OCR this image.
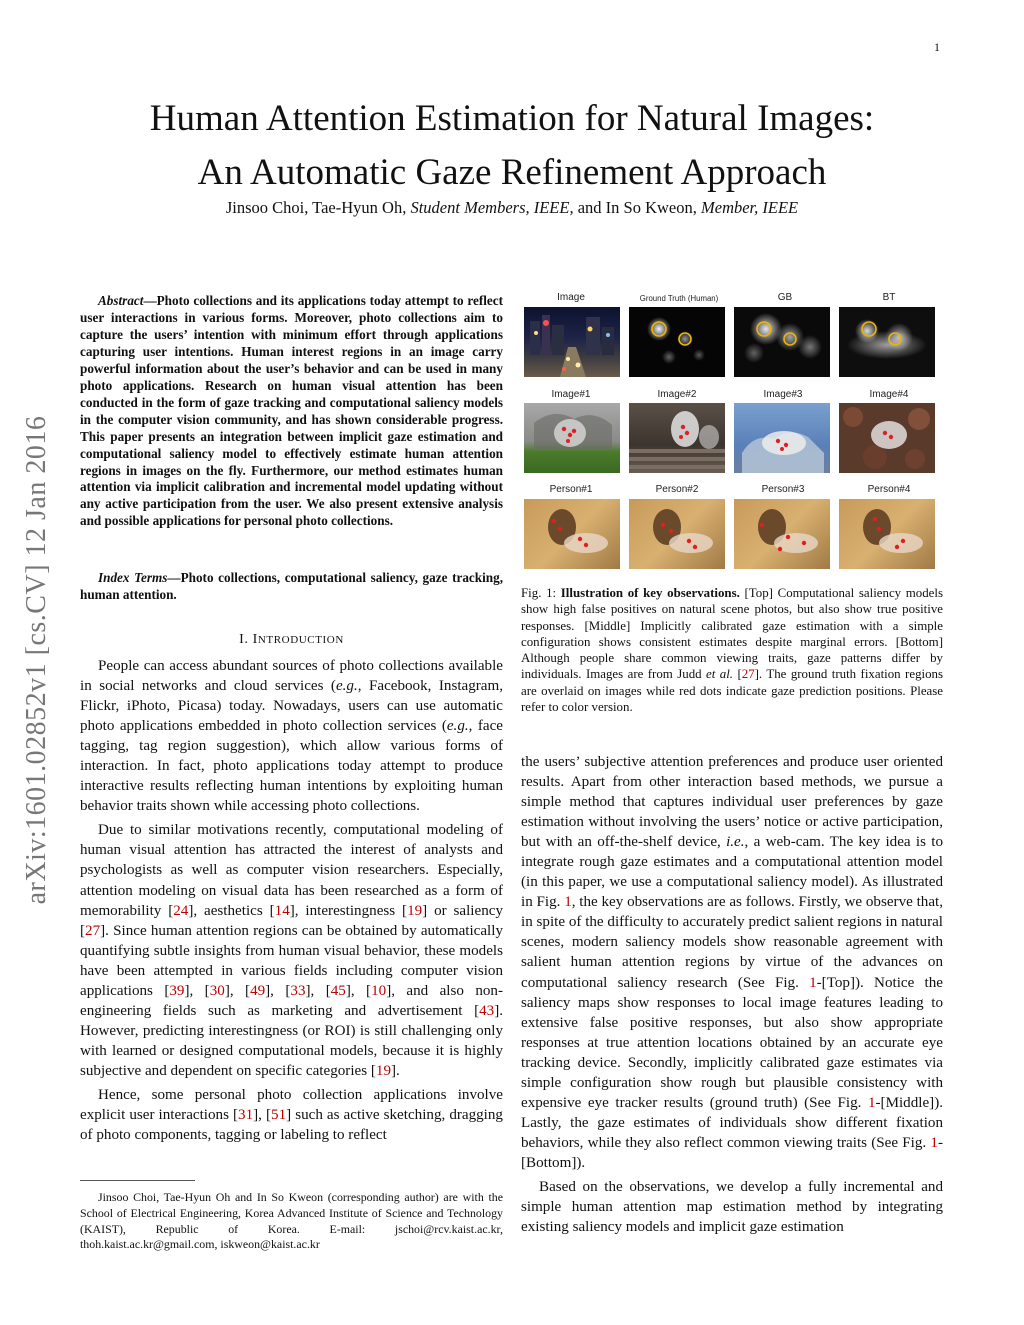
1
Human Attention Estimation for Natural Images:
An Automatic Gaze Refinement Approach
Jinsoo Choi, Tae-Hyun Oh, Student Members, IEEE, and In So Kweon, Member, IEEE
arXiv:1601.02852v1 [cs.CV] 12 Jan 2016

Abstract—Photo collections and its applications today attempt to reflect user interactions in various forms. Moreover, photo collections aim to capture the users’ intention with minimum effort through applications capturing user intentions. Human interest regions in an image carry powerful information about the user’s behavior and can be used in many photo applications. Research on human visual attention has been conducted in the form of gaze tracking and computational saliency models in the computer vision community, and has shown considerable progress. This paper presents an integration between implicit gaze estimation and computational saliency model to effectively estimate human attention regions in images on the fly. Furthermore, our method estimates human attention via implicit calibration and incremental model updating without any active participation from the user. We also present extensive analysis and possible applications for personal photo collections.

Index Terms—Photo collections, computational saliency, gaze tracking, human attention.

I. INTRODUCTION

People can access abundant sources of photo collections available in social networks and cloud services (e.g., Facebook, Instagram, Flickr, iPhoto, Picasa) today. Nowadays, users can use automatic photo applications embedded in photo collection services (e.g., face tagging, tag region suggestion), which allow various forms of interaction. In fact, photo applications today attempt to produce interactive results reflecting human intentions by exploiting human behavior traits shown while accessing photo collections.

Due to similar motivations recently, computational modeling of human visual attention has attracted the interest of analysts and psychologists as well as computer vision researchers. Especially, attention modeling on visual data has been researched as a form of memorability [24], aesthetics [14], interestingness [19] or saliency [27]. Since human attention regions can be obtained by automatically quantifying subtle insights from human visual behavior, these models have been attempted in various fields including computer vision applications [39], [30], [49], [33], [45], [10], and also non-engineering fields such as marketing and advertisement [43]. However, predicting interestingness (or ROI) is still challenging only with learned or designed computational models, because it is highly subjective and dependent on specific categories [19].

Hence, some personal photo collection applications involve explicit user interactions [31], [51] such as active sketching, dragging of photo components, tagging or labeling to reflect

Jinsoo Choi, Tae-Hyun Oh and In So Kweon (corresponding author) are with the School of Electrical Engineering, Korea Advanced Institute of Science and Technology (KAIST), Republic of Korea. E-mail: jschoi@rcv.kaist.ac.kr, thoh.kaist.ac.kr@gmail.com, iskweon@kaist.ac.kr

Image	Ground Truth (Human)	GB	BT
Image#1	Image#2	Image#3	Image#4
Person#1	Person#2	Person#3	Person#4
Fig. 1: Illustration of key observations. [Top] Computational saliency models show high false positives on natural scene photos, but also show true positive responses. [Middle] Implicitly calibrated gaze estimation with a simple configuration shows consistent estimates despite marginal errors. [Bottom] Although people share common viewing traits, gaze patterns differ by individuals. Images are from Judd et al. [27]. The ground truth fixation regions are overlaid on images while red dots indicate gaze prediction positions. Please refer to color version.

the users’ subjective attention preferences and produce user oriented results. Apart from other interaction based methods, we pursue a simple method that captures individual user preferences by gaze estimation without involving the users’ notice or active participation, but with an off-the-shelf device, i.e., a web-cam. The key idea is to integrate rough gaze estimates and a computational attention model (in this paper, we use a computational saliency model). As illustrated in Fig. 1, the key observations are as follows. Firstly, we observe that, in spite of the difficulty to accurately predict salient regions in natural scenes, modern saliency models show reasonable agreement with salient human attention regions by virtue of the advances on computational saliency research (See Fig. 1-[Top]). Notice the saliency maps show responses to local image features leading to extensive false positive responses, but also show appropriate responses at true attention locations obtained by an accurate eye tracking device. Secondly, implicitly calibrated gaze estimates via simple configuration show rough but plausible consistency with expensive eye tracker results (ground truth) (See Fig. 1-[Middle]). Lastly, the gaze estimates of individuals show different fixation behaviors, while they also reflect common viewing traits (See Fig. 1-[Bottom]).

Based on the observations, we develop a fully incremental and simple human attention map estimation method by integrating existing saliency models and implicit gaze estimation
